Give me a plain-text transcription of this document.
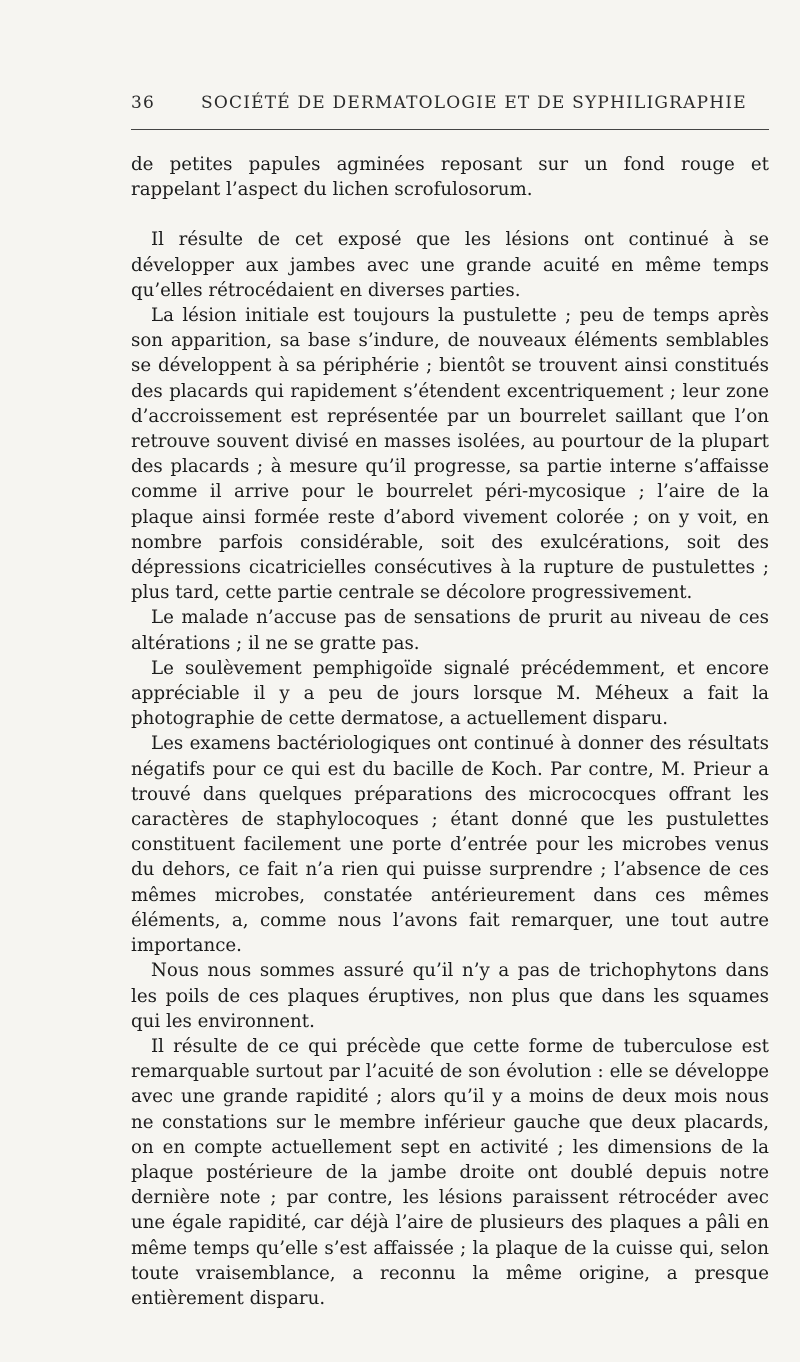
36	SOCIÉTÉ DE DERMATOLOGIE ET DE SYPHILIGRAPHIE

de petites papules agminées reposant sur un fond rouge et rappelant l’aspect du lichen scrofulosorum.

Il résulte de cet exposé que les lésions ont continué à se développer aux jambes avec une grande acuité en même temps qu’elles rétrocédaient en diverses parties.

La lésion initiale est toujours la pustulette ; peu de temps après son apparition, sa base s’indure, de nouveaux éléments semblables se développent à sa périphérie ; bientôt se trouvent ainsi constitués des placards qui rapidement s’étendent excentriquement ; leur zone d’accroissement est représentée par un bourrelet saillant que l’on retrouve souvent divisé en masses isolées, au pourtour de la plupart des placards ; à mesure qu’il progresse, sa partie interne s’affaisse comme il arrive pour le bourrelet péri-mycosique ; l’aire de la plaque ainsi formée reste d’abord vivement colorée ; on y voit, en nombre parfois considérable, soit des exulcérations, soit des dépressions cicatricielles consécutives à la rupture de pustulettes ; plus tard, cette partie centrale se décolore progressivement.

Le malade n’accuse pas de sensations de prurit au niveau de ces altérations ; il ne se gratte pas.

Le soulèvement pemphigoïde signalé précédemment, et encore appréciable il y a peu de jours lorsque M. Méheux a fait la photographie de cette dermatose, a actuellement disparu.

Les examens bactériologiques ont continué à donner des résultats négatifs pour ce qui est du bacille de Koch. Par contre, M. Prieur a trouvé dans quelques préparations des micrococques offrant les caractères de staphylocoques ; étant donné que les pustulettes constituent facilement une porte d’entrée pour les microbes venus du dehors, ce fait n’a rien qui puisse surprendre ; l’absence de ces mêmes microbes, constatée antérieurement dans ces mêmes éléments, a, comme nous l’avons fait remarquer, une tout autre importance.

Nous nous sommes assuré qu’il n’y a pas de trichophytons dans les poils de ces plaques éruptives, non plus que dans les squames qui les environnent.

Il résulte de ce qui précède que cette forme de tuberculose est remarquable surtout par l’acuité de son évolution : elle se développe avec une grande rapidité ; alors qu’il y a moins de deux mois nous ne constations sur le membre inférieur gauche que deux placards, on en compte actuellement sept en activité ; les dimensions de la plaque postérieure de la jambe droite ont doublé depuis notre dernière note ; par contre, les lésions paraissent rétrocéder avec une égale rapidité, car déjà l’aire de plusieurs des plaques a pâli en même temps qu’elle s’est affaissée ; la plaque de la cuisse qui, selon toute vraisemblance, a reconnu la même origine, a presque entièrement disparu.
